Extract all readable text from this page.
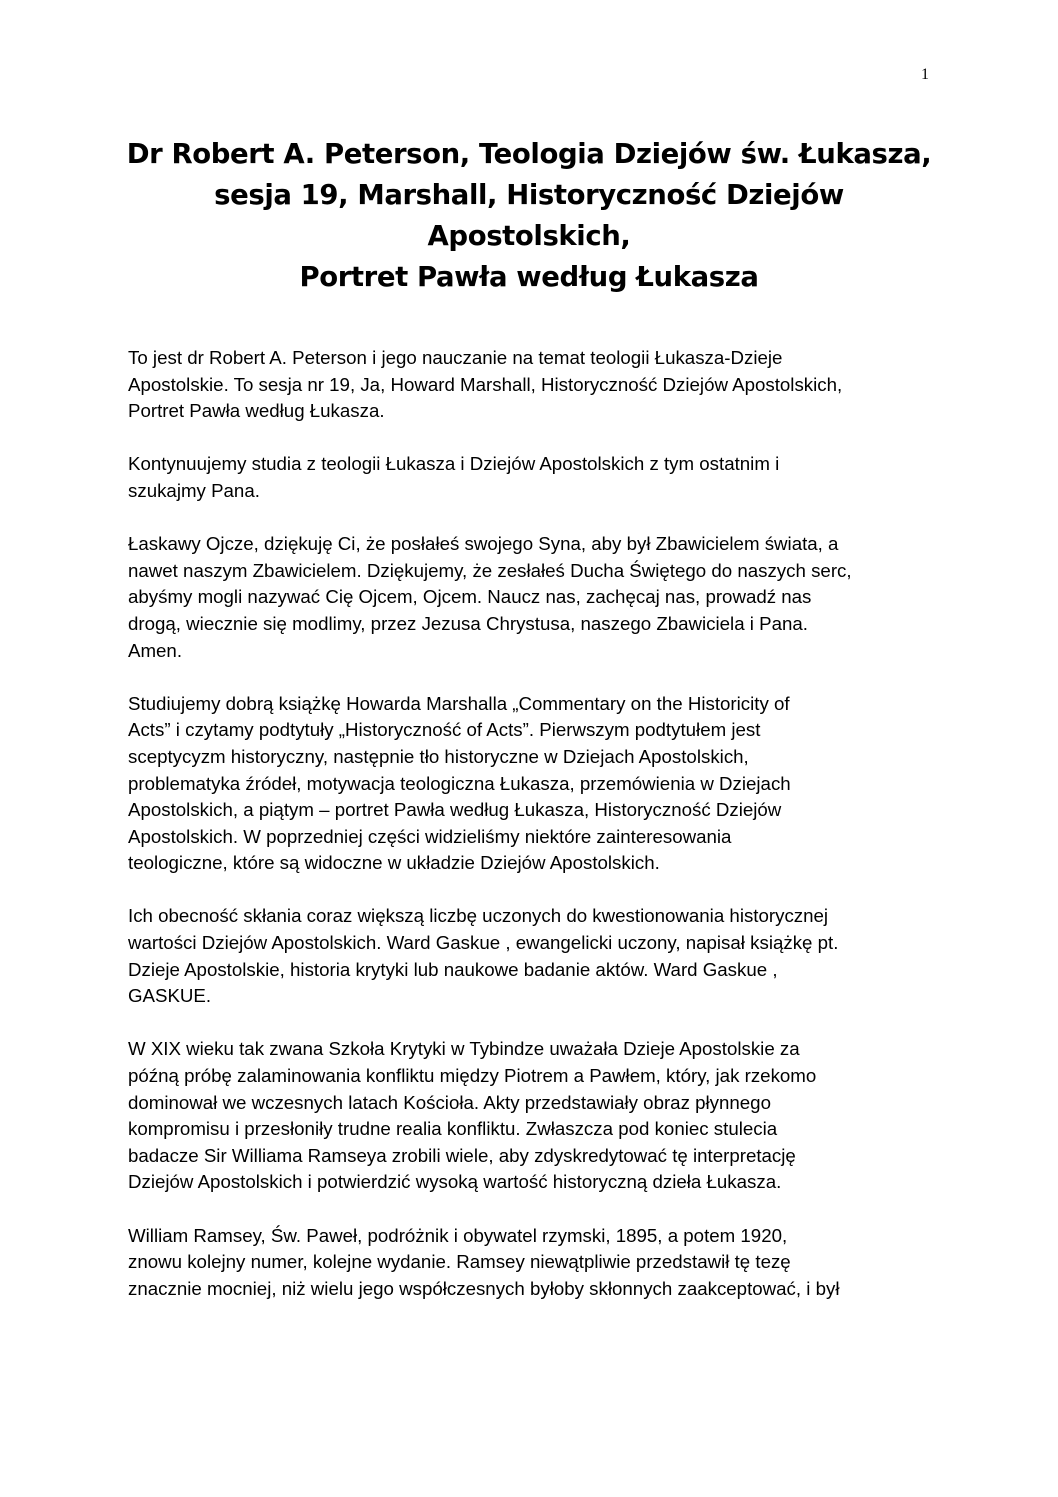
1
Dr Robert A. Peterson, Teologia Dziejów św. Łukasza,
sesja 19, Marshall, Historyczność Dziejów
Apostolskich,
Portret Pawła według Łukasza

To jest dr Robert A. Peterson i jego nauczanie na temat teologii Łukasza-Dzieje
Apostolskie. To sesja nr 19, Ja, Howard Marshall, Historyczność Dziejów Apostolskich,
Portret Pawła według Łukasza.

Kontynuujemy studia z teologii Łukasza i Dziejów Apostolskich z tym ostatnim i
szukajmy Pana.

Łaskawy Ojcze, dziękuję Ci, że posłałeś swojego Syna, aby był Zbawicielem świata, a
nawet naszym Zbawicielem. Dziękujemy, że zesłałeś Ducha Świętego do naszych serc,
abyśmy mogli nazywać Cię Ojcem, Ojcem. Naucz nas, zachęcaj nas, prowadź nas
drogą, wiecznie się modlimy, przez Jezusa Chrystusa, naszego Zbawiciela i Pana.
Amen.

Studiujemy dobrą książkę Howarda Marshalla „Commentary on the Historicity of
Acts” i czytamy podtytuły „Historyczność of Acts”. Pierwszym podtytułem jest
sceptycyzm historyczny, następnie tło historyczne w Dziejach Apostolskich,
problematyka źródeł, motywacja teologiczna Łukasza, przemówienia w Dziejach
Apostolskich, a piątym – portret Pawła według Łukasza, Historyczność Dziejów
Apostolskich. W poprzedniej części widzieliśmy niektóre zainteresowania
teologiczne, które są widoczne w układzie Dziejów Apostolskich.

Ich obecność skłania coraz większą liczbę uczonych do kwestionowania historycznej
wartości Dziejów Apostolskich. Ward Gaskue , ewangelicki uczony, napisał książkę pt.
Dzieje Apostolskie, historia krytyki lub naukowe badanie aktów. Ward Gaskue ,
GASKUE.

W XIX wieku tak zwana Szkoła Krytyki w Tybindze uważała Dzieje Apostolskie za
późną próbę zalaminowania konfliktu między Piotrem a Pawłem, który, jak rzekomo
dominował we wczesnych latach Kościoła. Akty przedstawiały obraz płynnego
kompromisu i przesłoniły trudne realia konfliktu. Zwłaszcza pod koniec stulecia
badacze Sir Williama Ramseya zrobili wiele, aby zdyskredytować tę interpretację
Dziejów Apostolskich i potwierdzić wysoką wartość historyczną dzieła Łukasza.

William Ramsey, Św. Paweł, podróżnik i obywatel rzymski, 1895, a potem 1920,
znowu kolejny numer, kolejne wydanie. Ramsey niewątpliwie przedstawił tę tezę
znacznie mocniej, niż wielu jego współczesnych byłoby skłonnych zaakceptować, i był
